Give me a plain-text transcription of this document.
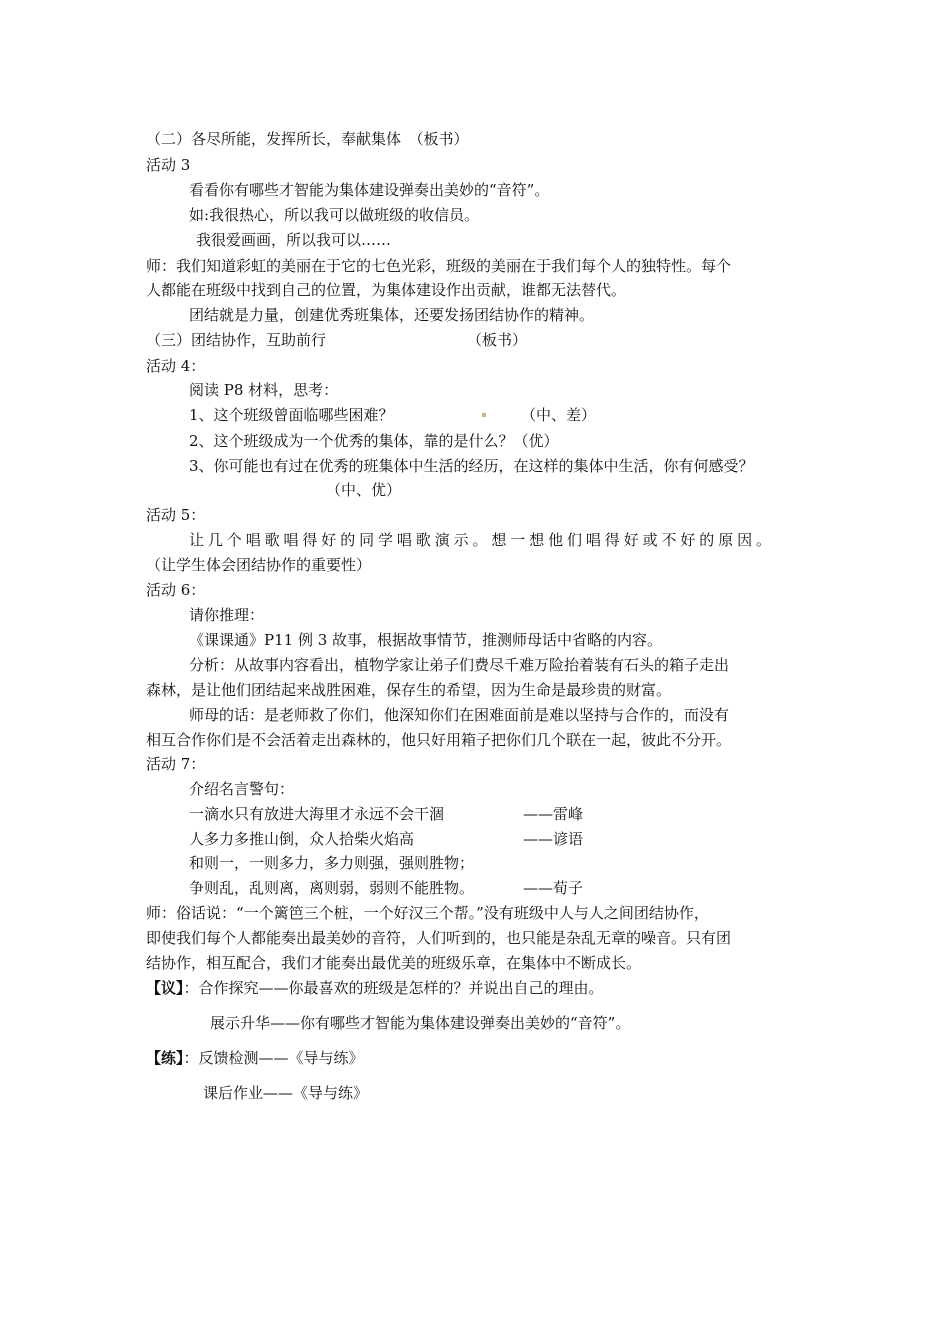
（二）各尽所能，发挥所长，奉献集体　（板书）
活动 3
看看你有哪些才智能为集体建设弹奏出美妙的“音符”。
如:我很热心，所以我可以做班级的收信员。
我很爱画画，所以我可以……
师：我们知道彩虹的美丽在于它的七色光彩，班级的美丽在于我们每个人的独特性。每个
人都能在班级中找到自己的位置，为集体建设作出贡献，谁都无法替代。
团结就是力量，创建优秀班集体，还要发扬团结协作的精神。
（三）团结协作，互助前行	（板书）
活动 4：
阅读 P8 材料，思考：
1、这个班级曾面临哪些困难？	（中、差）
2、这个班级成为一个优秀的集体，靠的是什么？（优）
3、你可能也有过在优秀的班集体中生活的经历，在这样的集体中生活，你有何感受？
（中、优）
活动 5：
让几个唱歌唱得好的同学唱歌演示。想一想他们唱得好或不好的原因。
（让学生体会团结协作的重要性）
活动 6：
请你推理：
《课课通》P11 例 3 故事，根据故事情节，推测师母话中省略的内容。
分析：从故事内容看出，植物学家让弟子们费尽千难万险抬着装有石头的箱子走出
森林，是让他们团结起来战胜困难，保存生的希望，因为生命是最珍贵的财富。
师母的话：是老师救了你们，他深知你们在困难面前是难以坚持与合作的，而没有
相互合作你们是不会活着走出森林的，他只好用箱子把你们几个联在一起，彼此不分开。
活动 7：
介绍名言警句：
一滴水只有放进大海里才永远不会干涸	——雷峰
人多力多推山倒，众人拾柴火焰高	——谚语
和则一，一则多力，多力则强，强则胜物；
争则乱，乱则离，离则弱，弱则不能胜物。	——荀子
师：俗话说：“一个篱笆三个桩，一个好汉三个帮。”没有班级中人与人之间团结协作，
即使我们每个人都能奏出最美妙的音符，人们听到的，也只能是杂乱无章的噪音。只有团
结协作，相互配合，我们才能奏出最优美的班级乐章，在集体中不断成长。
【议】：合作探究——你最喜欢的班级是怎样的？并说出自己的理由。
展示升华——你有哪些才智能为集体建设弹奏出美妙的“音符”。
【练】：反馈检测——《导与练》
课后作业——《导与练》
